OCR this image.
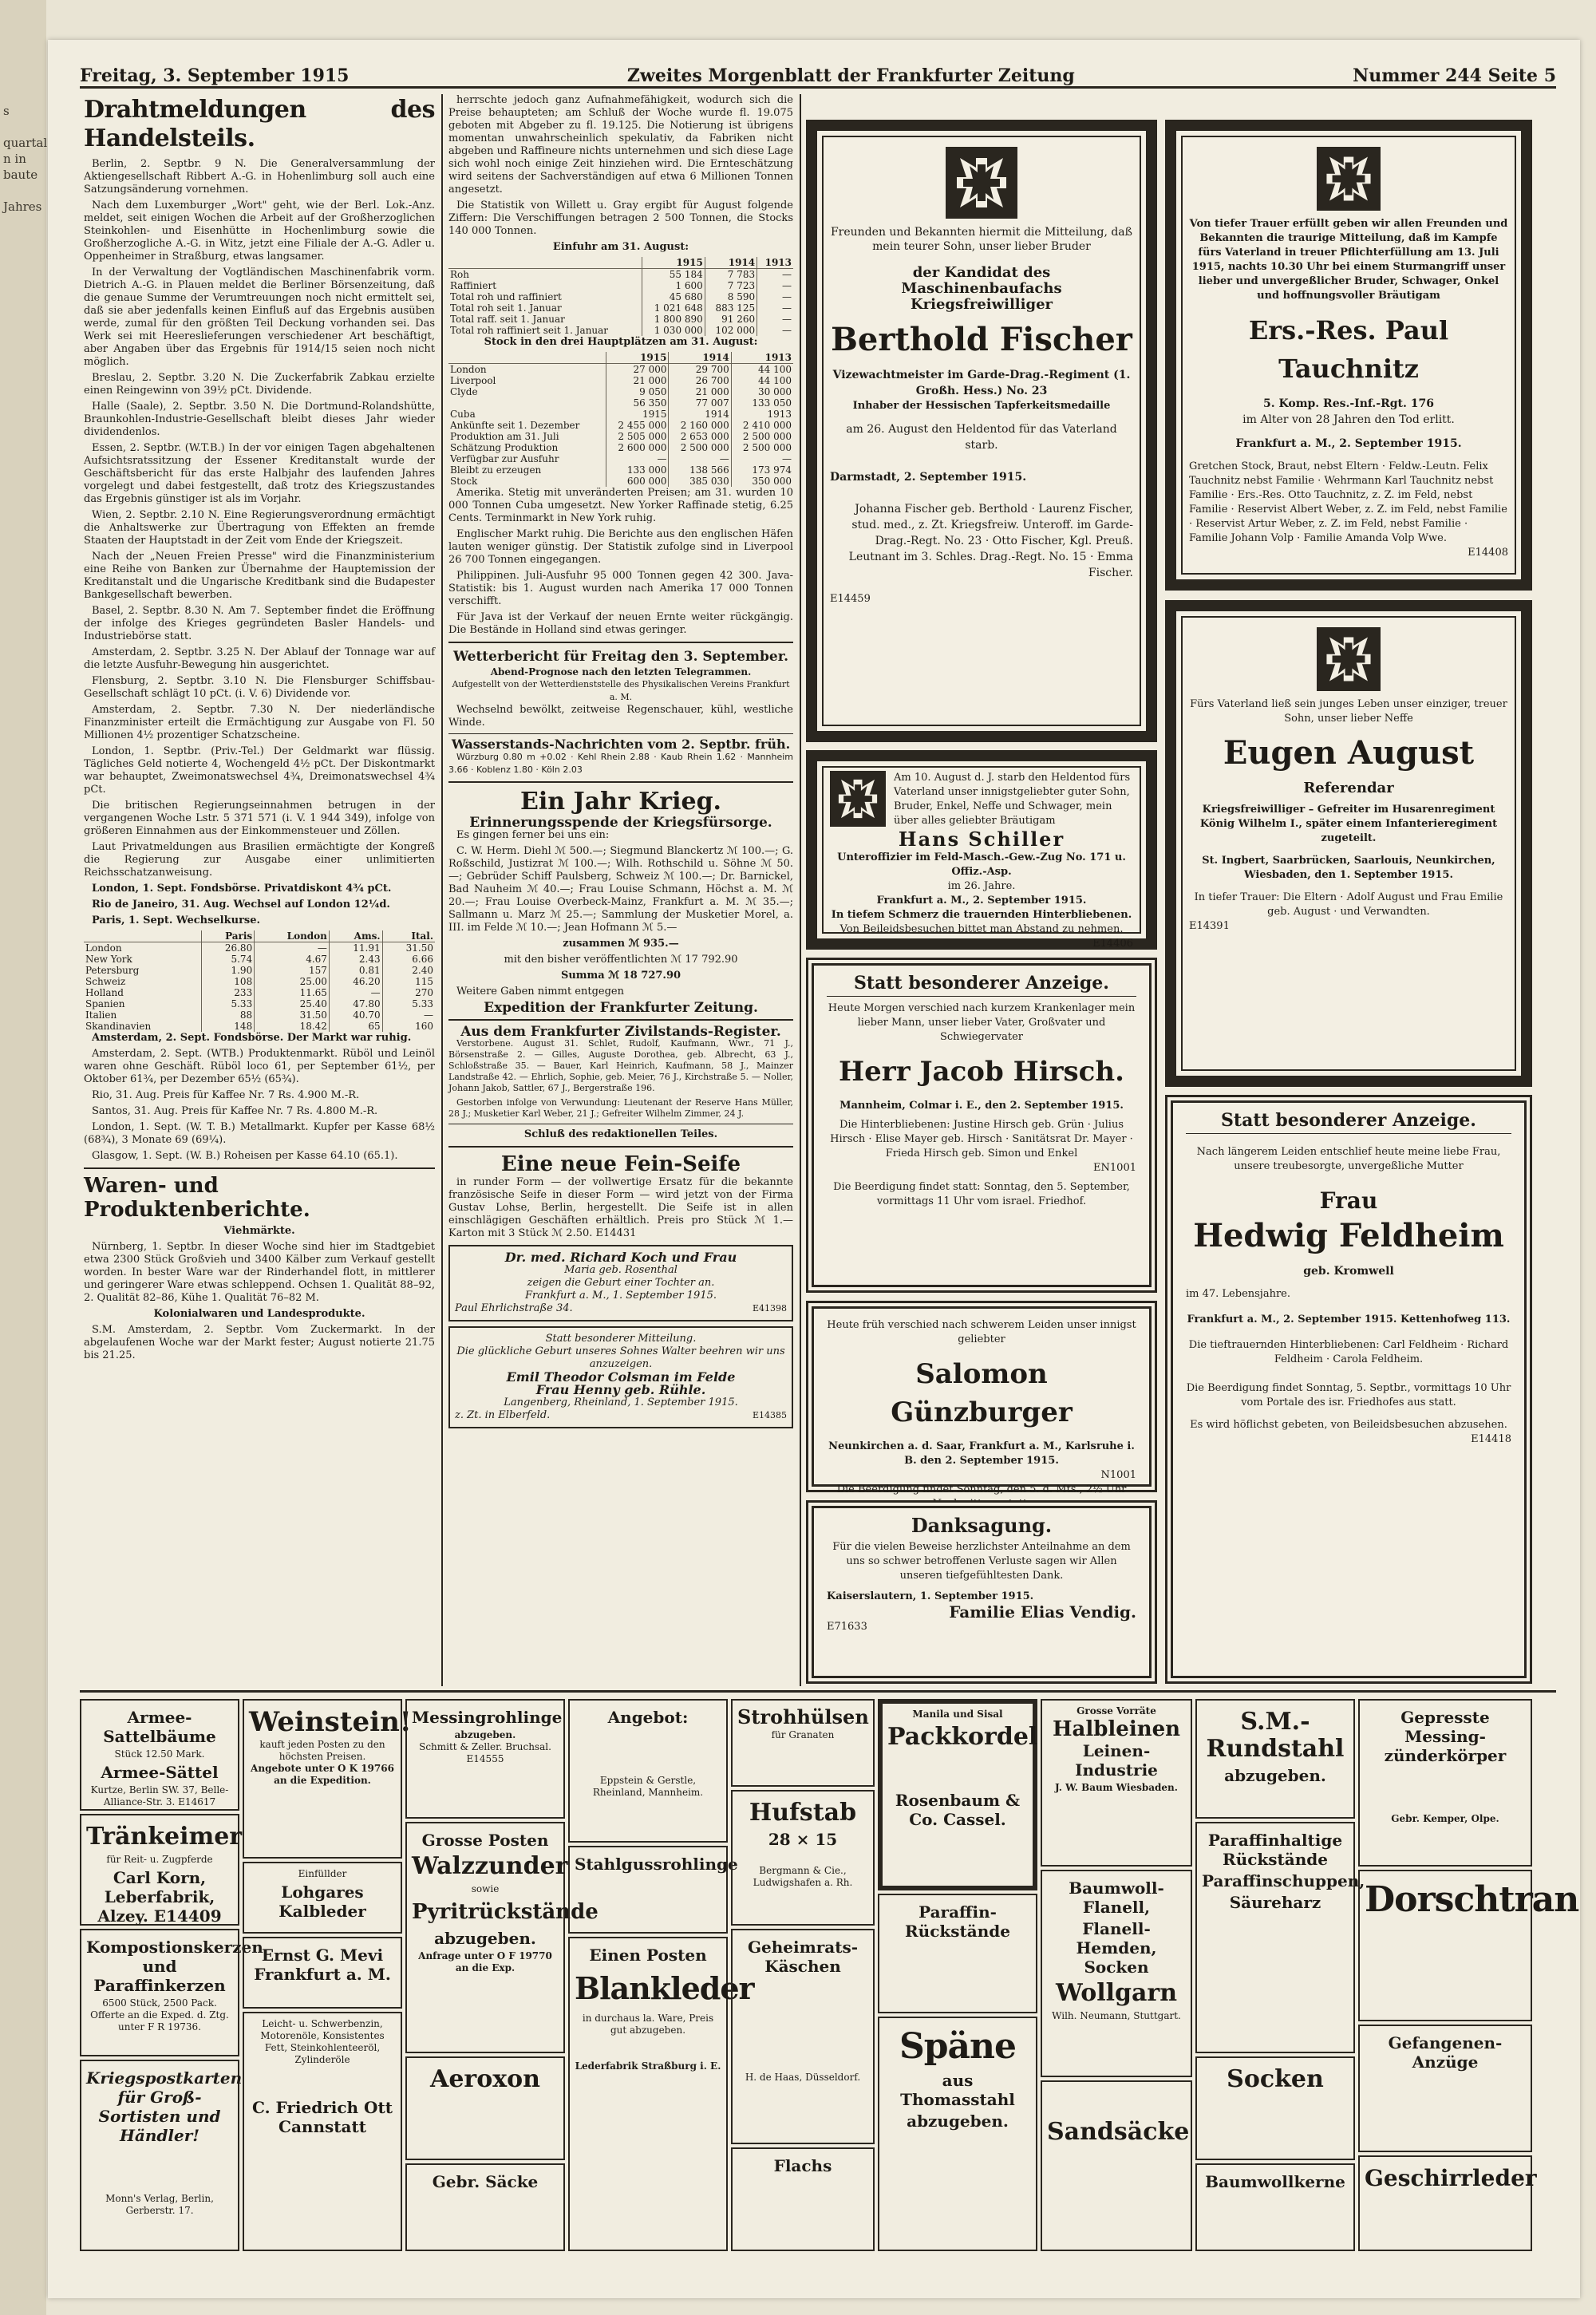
s
quartal
n in
baute
Jahres
Freitag, 3. September 1915	Zweites Morgenblatt der Frankfurter Zeitung	Nummer 244 Seite 5
Drahtmeldungen des Handelsteils.

Berlin, 2. Septbr. 9 N. Die Generalversammlung der Aktiengesellschaft Ribbert A.-G. in Hohenlimburg soll auch eine Satzungsänderung vornehmen.

Nach dem Luxemburger „Wort" geht, wie der Berl. Lok.-Anz. meldet, seit einigen Wochen die Arbeit auf der Großherzoglichen Steinkohlen- und Eisenhütte in Hochenlimburg sowie die Großherzogliche A.-G. in Witz, jetzt eine Filiale der A.-G. Adler u. Oppenheimer in Straßburg, etwas langsamer.

In der Verwaltung der Vogtländischen Maschinenfabrik vorm. Dietrich A.-G. in Plauen meldet die Berliner Börsenzeitung, daß die genaue Summe der Verumtreuungen noch nicht ermittelt sei, daß sie aber jedenfalls keinen Einfluß auf das Ergebnis ausüben werde, zumal für den größten Teil Deckung vorhanden sei. Das Werk sei mit Heereslieferungen verschiedener Art beschäftigt, aber Angaben über das Ergebnis für 1914/15 seien noch nicht möglich.

Breslau, 2. Septbr. 3.20 N. Die Zuckerfabrik Zabkau erzielte einen Reingewinn von 39½ pCt. Dividende.

Halle (Saale), 2. Septbr. 3.50 N. Die Dortmund-Rolandshütte, Braunkohlen-Industrie-Gesellschaft bleibt dieses Jahr wieder dividendenlos.

Essen, 2. Septbr. (W.T.B.) In der vor einigen Tagen abgehaltenen Aufsichtsratssitzung der Essener Kreditanstalt wurde der Geschäftsbericht für das erste Halbjahr des laufenden Jahres vorgelegt und dabei festgestellt, daß trotz des Kriegszustandes das Ergebnis günstiger ist als im Vorjahr.

Wien, 2. Septbr. 2.10 N. Eine Regierungsverordnung ermächtigt die Anhaltswerke zur Übertragung von Effekten an fremde Staaten der Hauptstadt in der Zeit vom Ende der Kriegszeit.

Nach der „Neuen Freien Presse" wird die Finanzministerium eine Reihe von Banken zur Übernahme der Hauptemission der Kreditanstalt und die Ungarische Kreditbank sind die Budapester Bankgesellschaft bewerben.

Basel, 2. Septbr. 8.30 N. Am 7. September findet die Eröffnung der infolge des Krieges gegründeten Basler Handels- und Industriebörse statt.

Amsterdam, 2. Septbr. 3.25 N. Der Ablauf der Tonnage war auf die letzte Ausfuhr-Bewegung hin ausgerichtet.

Flensburg, 2. Septbr. 3.10 N. Die Flensburger Schiffsbau-Gesellschaft schlägt 10 pCt. (i. V. 6) Dividende vor.

Amsterdam, 2. Septbr. 7.30 N. Der niederländische Finanzminister erteilt die Ermächtigung zur Ausgabe von Fl. 50 Millionen 4½ prozentiger Schatzscheine.

London, 1. Septbr. (Priv.-Tel.) Der Geldmarkt war flüssig. Tägliches Geld notierte 4, Wochengeld 4½ pCt. Der Diskontmarkt war behauptet, Zweimonatswechsel 4¾, Dreimonatswechsel 4¾ pCt.

Die britischen Regierungseinnahmen betrugen in der vergangenen Woche Lstr. 5 371 571 (i. V. 1 944 349), infolge von größeren Einnahmen aus der Einkommensteuer und Zöllen.

Laut Privatmeldungen aus Brasilien ermächtigte der Kongreß die Regierung zur Ausgabe einer unlimitierten Reichsschatzanweisung.

London, 1. Sept. Fondsbörse. Privatdiskont 4¾ pCt.

Rio de Janeiro, 31. Aug. Wechsel auf London 12¼d.

Paris, 1. Sept. Wechselkurse.

	Paris	London	Ams.	Ital.
London	26.80	—	11.91	31.50
New York	5.74	4.67	2.43	6.66
Petersburg	1.90	157	0.81	2.40
Schweiz	108	25.00	46.20	115
Holland	233	11.65	—	270
Spanien	5.33	25.40	47.80	5.33
Italien	88	31.50	40.70	—
Skandinavien	148	18.42	65	160

Amsterdam, 2. Sept. Fondsbörse. Der Markt war ruhig.

Amsterdam, 2. Sept. (WTB.) Produktenmarkt. Rüböl und Leinöl waren ohne Geschäft. Rüböl loco 61, per September 61½, per Oktober 61¾, per Dezember 65½ (65¾).

Rio, 31. Aug. Preis für Kaffee Nr. 7 Rs. 4.900 M.-R.

Santos, 31. Aug. Preis für Kaffee Nr. 7 Rs. 4.800 M.-R.

London, 1. Sept. (W. T. B.) Metallmarkt. Kupfer per Kasse 68½ (68¾), 3 Monate 69 (69¼).

Glasgow, 1. Sept. (W. B.) Roheisen per Kasse 64.10 (65.1).

Waren- und Produktenberichte.

Viehmärkte.

Nürnberg, 1. Septbr. In dieser Woche sind hier im Stadtgebiet etwa 2300 Stück Großvieh und 3400 Kälber zum Verkauf gestellt worden. In bester Ware war der Rinderhandel flott, in mittlerer und geringerer Ware etwas schleppend. Ochsen 1. Qualität 88–92, 2. Qualität 82–86, Kühe 1. Qualität 76–82 M.

Kolonialwaren und Landesprodukte.

S.M. Amsterdam, 2. Septbr. Vom Zuckermarkt. In der abgelaufenen Woche war der Markt fester; August notierte 21.75 bis 21.25.

herrschte jedoch ganz Aufnahmefähigkeit, wodurch sich die Preise behaupteten; am Schluß der Woche wurde fl. 19.075 geboten mit Abgeber zu fl. 19.125. Die Notierung ist übrigens momentan unwahrscheinlich spekulativ, da Fabriken nicht abgeben und Raffineure nichts unternehmen und sich diese Lage sich wohl noch einige Zeit hinziehen wird. Die Ernteschätzung wird seitens der Sachverständigen auf etwa 6 Millionen Tonnen angesetzt.

Die Statistik von Willett u. Gray ergibt für August folgende Ziffern: Die Verschiffungen betragen 2 500 Tonnen, die Stocks 140 000 Tonnen.

Einfuhr am 31. August:

	1915	1914	1913
Roh	55 184	7 783	—
Raffiniert	1 600	7 723	—
Total roh und raffiniert	45 680	8 590	—
Total roh seit 1. Januar	1 021 648	883 125	—
Total raff. seit 1. Januar	1 800 890	91 260	—
Total roh raffiniert seit 1. Januar	1 030 000	102 000	—

Stock in den drei Hauptplätzen am 31. August:

	1915	1914	1913
London	27 000	29 700	44 100
Liverpool	21 000	26 700	44 100
Clyde	9 050	21 000	30 000
	56 350	77 007	133 050
Cuba	1915	1914	1913
Ankünfte seit 1. Dezember	2 455 000	2 160 000	2 410 000
Produktion am 31. Juli	2 505 000	2 653 000	2 500 000
Schätzung Produktion	2 600 000	2 500 000	2 500 000
Verfügbar zur Ausfuhr	—	—	—
Bleibt zu erzeugen	133 000	138 566	173 974
Stock	600 000	385 030	350 000

Amerika. Stetig mit unveränderten Preisen; am 31. wurden 10 000 Tonnen Cuba umgesetzt. New Yorker Raffinade stetig, 6.25 Cents. Terminmarkt in New York ruhig.

Englischer Markt ruhig. Die Berichte aus den englischen Häfen lauten weniger günstig. Der Statistik zufolge sind in Liverpool 26 700 Tonnen eingegangen.

Philippinen. Juli-Ausfuhr 95 000 Tonnen gegen 42 300. Java-Statistik: bis 1. August wurden nach Amerika 17 000 Tonnen verschifft.

Für Java ist der Verkauf der neuen Ernte weiter rückgängig. Die Bestände in Holland sind etwas geringer.

Wetterbericht für Freitag den 3. September.
Abend-Prognose nach den letzten Telegrammen.
Aufgestellt von der Wetterdienststelle des Physikalischen Vereins Frankfurt a. M.

Wechselnd bewölkt, zeitweise Regenschauer, kühl, westliche Winde.

Wasserstands-Nachrichten vom 2. Septbr. früh.

Würzburg 0.80 m +0.02 · Kehl Rhein 2.88 · Kaub Rhein 1.62 · Mannheim 3.66 · Koblenz 1.80 · Köln 2.03

Ein Jahr Krieg.
Erinnerungsspende der Kriegsfürsorge.

Es gingen ferner bei uns ein:

C. W. Herm. Diehl ℳ 500.—; Siegmund Blanckertz ℳ 100.—; G. Roßschild, Justizrat ℳ 100.—; Wilh. Rothschild u. Söhne ℳ 50.—; Gebrüder Schiff Paulsberg, Schweiz ℳ 100.—; Dr. Barnickel, Bad Nauheim ℳ 40.—; Frau Louise Schmann, Höchst a. M. ℳ 20.—; Frau Louise Overbeck-Mainz, Frankfurt a. M. ℳ 35.—; Sallmann u. Marz ℳ 25.—; Sammlung der Musketier Morel, a. III. im Felde ℳ 10.—; Jean Hofmann ℳ 5.—

zusammen ℳ 935.—

mit den bisher veröffentlichten ℳ 17 792.90

Summa ℳ 18 727.90

Weitere Gaben nimmt entgegen

Expedition der Frankfurter Zeitung.

Aus dem Frankfurter Zivilstands-Register.

Verstorbene. August 31. Schlet, Rudolf, Kaufmann, Wwr., 71 J., Börsenstraße 2. — Gilles, Auguste Dorothea, geb. Albrecht, 63 J., Schloßstraße 35. — Bauer, Karl Heinrich, Kaufmann, 58 J., Mainzer Landstraße 42. — Ehrlich, Sophie, geb. Meier, 76 J., Kirchstraße 5. — Noller, Johann Jakob, Sattler, 67 J., Bergerstraße 196.

Gestorben infolge von Verwundung: Lieutenant der Reserve Hans Müller, 28 J.; Musketier Karl Weber, 21 J.; Gefreiter Wilhelm Zimmer, 24 J.

Schluß des redaktionellen Teiles.

Eine neue Fein-Seife

in runder Form — der vollwertige Ersatz für die bekannte französische Seife in dieser Form — wird jetzt von der Firma Gustav Lohse, Berlin, hergestellt. Die Seife ist in allen einschlägigen Geschäften erhältlich. Preis pro Stück ℳ 1.— Karton mit 3 Stück ℳ 2.50. E14431

Dr. med. Richard Koch und Frau
Maria geb. Rosenthal
zeigen die Geburt einer Tochter an.
Frankfurt a. M., 1. September 1915.
Paul Ehrlichstraße 34.	E41398
Statt besonderer Mitteilung.
Die glückliche Geburt unseres Sohnes Walter beehren wir uns anzuzeigen.
Emil Theodor Colsman im Felde
Frau Henny geb. Rühle.
Langenberg, Rheinland, 1. September 1915.
z. Zt. in Elberfeld.	E14385
Freunden und Bekannten hiermit die Mitteilung, daß mein teurer Sohn, unser lieber Bruder
der Kandidat des Maschinenbaufachs Kriegsfreiwilliger
Berthold Fischer
Vizewachtmeister im Garde-Drag.-Regiment (1. Großh. Hess.) No. 23
Inhaber der Hessischen Tapferkeitsmedaille
am 26. August den Heldentod für das Vaterland starb.
Darmstadt, 2. September 1915.
Johanna Fischer geb. Berthold · Laurenz Fischer, stud. med., z. Zt. Kriegsfreiw. Unteroff. im Garde-Drag.-Regt. No. 23 · Otto Fischer, Kgl. Preuß. Leutnant im 3. Schles. Drag.-Regt. No. 15 · Emma Fischer.
E14459
Von tiefer Trauer erfüllt geben wir allen Freunden und Bekannten die traurige Mitteilung, daß im Kampfe fürs Vaterland in treuer Pflichterfüllung am 13. Juli 1915, nachts 10.30 Uhr bei einem Sturmangriff unser lieber und unvergeßlicher Bruder, Schwager, Onkel und hoffnungsvoller Bräutigam
Ers.-Res. Paul Tauchnitz
5. Komp. Res.-Inf.-Rgt. 176
im Alter von 28 Jahren den Tod erlitt.
Frankfurt a. M., 2. September 1915.
Gretchen Stock, Braut, nebst Eltern · Feldw.-Leutn. Felix Tauchnitz nebst Familie · Wehrmann Karl Tauchnitz nebst Familie · Ers.-Res. Otto Tauchnitz, z. Z. im Feld, nebst Familie · Reservist Albert Weber, z. Z. im Feld, nebst Familie · Reservist Artur Weber, z. Z. im Feld, nebst Familie · Familie Johann Volp · Familie Amanda Volp Wwe.
E14408
Fürs Vaterland ließ sein junges Leben unser einziger, treuer Sohn, unser lieber Neffe
Eugen August
Referendar
Kriegsfreiwilliger – Gefreiter im Husarenregiment König Wilhelm I., später einem Infanterieregiment zugeteilt.
St. Ingbert, Saarbrücken, Saarlouis, Neunkirchen, Wiesbaden, den 1. September 1915.
In tiefer Trauer: Die Eltern · Adolf August und Frau Emilie geb. August · und Verwandten.
E14391
Am 10. August d. J. starb den Heldentod fürs Vaterland unser innigstgeliebter guter Sohn, Bruder, Enkel, Neffe und Schwager, mein über alles geliebter Bräutigam
Hans Schiller
Unteroffizier im Feld-Masch.-Gew.-Zug No. 171 u. Offiz.-Asp.
im 26. Jahre.
Frankfurt a. M., 2. September 1915.
In tiefem Schmerz die trauernden Hinterbliebenen.
Von Beileidsbesuchen bittet man Abstand zu nehmen.
E14406
Statt besonderer Anzeige.
Heute Morgen verschied nach kurzem Krankenlager mein lieber Mann, unser lieber Vater, Großvater und Schwiegervater
Herr Jacob Hirsch.
Mannheim, Colmar i. E., den 2. September 1915.
Die Hinterbliebenen: Justine Hirsch geb. Grün · Julius Hirsch · Elise Mayer geb. Hirsch · Sanitätsrat Dr. Mayer · Frieda Hirsch geb. Simon und Enkel
EN1001
Die Beerdigung findet statt: Sonntag, den 5. September, vormittags 11 Uhr vom israel. Friedhof.
Heute früh verschied nach schwerem Leiden unser innigst geliebter
Salomon Günzburger
Neunkirchen a. d. Saar, Frankfurt a. M., Karlsruhe i. B. den 2. September 1915.
N1001
Die Beerdigung findet Sonntag, den 5. d. Mts., 2½ Uhr
Danksagung.
Für die vielen Beweise herzlichster Anteilnahme an dem uns so schwer betroffenen Verluste sagen wir Allen unseren tiefgefühltesten Dank.
Kaiserslautern, 1. September 1915.
Familie Elias Vendig.
E71633
Statt besonderer Anzeige.
Nach längerem Leiden entschlief heute meine liebe Frau, unsere treubesorgte, unvergeßliche Mutter
Frau
Hedwig Feldheim
geb. Kromwell
im 47. Lebensjahre.
Frankfurt a. M., 2. September 1915. Kettenhofweg 113.
Die tieftrauernden Hinterbliebenen: Carl Feldheim · Richard Feldheim · Carola Feldheim.
Die Beerdigung findet Sonntag, 5. Septbr., vormittags 10 Uhr vom Portale des isr. Friedhofes aus statt.
Es wird höflichst gebeten, von Beileidsbesuchen abzusehen.
E14418
Armee-Sattelbäume
Stück 12.50 Mark.
Armee-Sättel
Kurtze, Berlin SW. 37, Belle-Alliance-Str. 3. E14617
Tränkeimer
für Reit- u. Zugpferde
Carl Korn, Leberfabrik, Alzey. E14409
Kompostionskerzen und Paraffinkerzen
6500 Stück, 2500 Pack. Offerte an die Exped. d. Ztg. unter F R 19736.
Kriegspostkarten für Groß-Sortisten und Händler!
Monn's Verlag, Berlin, Gerberstr. 17.
Weinstein!
kauft jeden Posten zu den höchsten Preisen.
Angebote unter O K 19766 an die Expedition.
Einfüllder
Lohgares Kalbleder
Ernst G. Mevi Frankfurt a. M.
Leicht- u. Schwerbenzin, Motorenöle, Konsistentes Fett, Steinkohlenteeröl, Zylinderöle
C. Friedrich Ott Cannstatt
Messingrohlinge
abzugeben.
Schmitt & Zeller. Bruchsal. E14555
Grosse Posten
Walzzunder
sowie
Pyritrückstände
abzugeben.
Anfrage unter O F 19770 an die Exp.
Aeroxon
Gebr. Säcke
Angebot:
Eppstein & Gerstle, Rheinland, Mannheim.
Stahlgussrohlinge
Einen Posten
Blankleder
in durchaus la. Ware, Preis gut abzugeben.
Lederfabrik Straßburg i. E.
Strohhülsen
für Granaten
Hufstab
28 × 15
Bergmann & Cie., Ludwigshafen a. Rh.
Geheimrats-Käschen
H. de Haas, Düsseldorf.
Flachs
Manila und Sisal
Packkordel
Rosenbaum & Co. Cassel.
Paraffin-Rückstände
Späne
aus Thomasstahl
abzugeben.
Grosse Vorräte
Halbleinen
Leinen-Industrie
J. W. Baum Wiesbaden.
Baumwoll-Flanell,
Flanell-Hemden, Socken
Wollgarn
Wilh. Neumann, Stuttgart.
Sandsäcke
S.M.-Rundstahl
abzugeben.
Paraffinhaltige Rückstände
Paraffinschuppen,
Säureharz
Socken
Baumwollkerne
Gepresste Messing-zünderkörper
Gebr. Kemper, Olpe.
Dorschtran
Gefangenen-Anzüge
Geschirrleder
